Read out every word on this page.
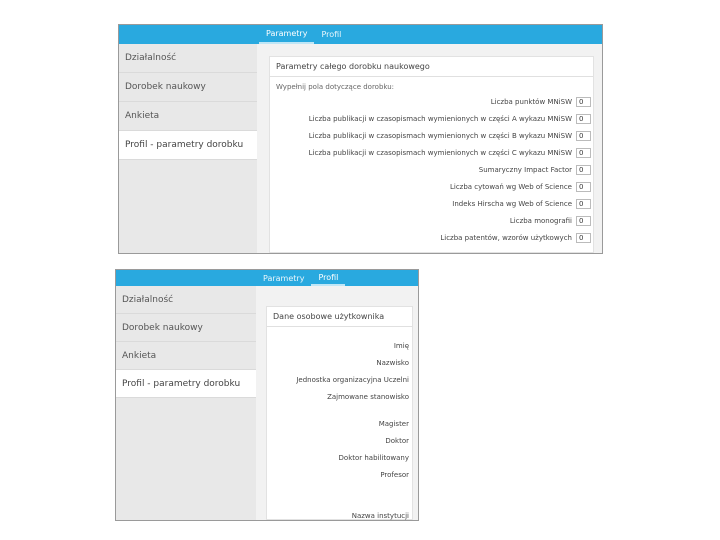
Parametry	Profil
Działalność
Dorobek naukowy
Ankieta
Profil - parametry dorobku
Parametry całego dorobku naukowego
Wypełnij pola dotyczące dorobku:
Liczba punktów MNiSW	0
Liczba publikacji w czasopismach wymienionych w części A wykazu MNiSW	0
Liczba publikacji w czasopismach wymienionych w części B wykazu MNiSW	0
Liczba publikacji w czasopismach wymienionych w części C wykazu MNiSW	0
Sumaryczny Impact Factor	0
Liczba cytowań wg Web of Science	0
Indeks Hirscha wg Web of Science	0
Liczba monografii	0
Liczba patentów, wzorów użytkowych	0
Parametry	Profil
Działalność
Dorobek naukowy
Ankieta
Profil - parametry dorobku
Dane osobowe użytkownika
Imię
Nazwisko
Jednostka organizacyjna Uczelni
Zajmowane stanowisko
Magister
Doktor
Doktor habilitowany
Profesor
Nazwa instytucji
